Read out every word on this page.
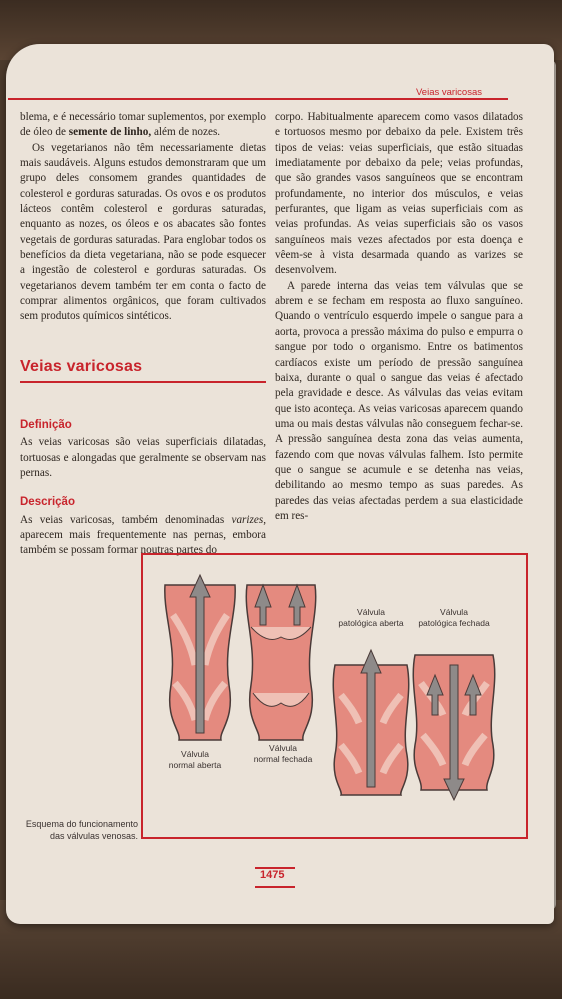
Veias varicosas

blema, e é necessário tomar suplementos, por exemplo de óleo de semente de linho, além de nozes.

Os vegetarianos não têm necessariamente dietas mais saudáveis. Alguns estudos demonstraram que um grupo deles consomem grandes quantidades de colesterol e gorduras saturadas. Os ovos e os produtos lácteos contêm colesterol e gorduras saturadas, enquanto as nozes, os óleos e os abacates são fontes vegetais de gorduras saturadas. Para englobar todos os benefícios da dieta vegetariana, não se pode esquecer a ingestão de colesterol e gorduras saturadas. Os vegetarianos devem também ter em conta o facto de comprar alimentos orgânicos, que foram cultivados sem produtos químicos sintéticos.

Veias varicosas

Definição

As veias varicosas são veias superficiais dilatadas, tortuosas e alongadas que geralmente se observam nas pernas.

Descrição

As veias varicosas, também denominadas varizes, aparecem mais frequentemente nas pernas, embora também se possam formar noutras partes do

corpo. Habitualmente aparecem como vasos dilatados e tortuosos mesmo por debaixo da pele. Existem três tipos de veias: veias superficiais, que estão situadas imediatamente por debaixo da pele; veias profundas, que são grandes vasos sanguíneos que se encontram profundamente, no interior dos músculos, e veias perfurantes, que ligam as veias superficiais com as veias profundas. As veias superficiais são os vasos sanguíneos mais vezes afectados por esta doença e vêem-se à vista desarmada quando as varizes se desenvolvem.

A parede interna das veias tem válvulas que se abrem e se fecham em resposta ao fluxo sanguíneo. Quando o ventrículo esquerdo impele o sangue para a aorta, provoca a pressão máxima do pulso e empurra o sangue por todo o organismo. Entre os batimentos cardíacos existe um período de pressão sanguínea baixa, durante o qual o sangue das veias é afectado pela gravidade e desce. As válvulas das veias evitam que isto aconteça. As veias varicosas aparecem quando uma ou mais destas válvulas não conseguem fechar-se. A pressão sanguínea desta zona das veias aumenta, fazendo com que novas válvulas falhem. Isto permite que o sangue se acumule e se detenha nas veias, debilitando ao mesmo tempo as suas paredes. As paredes das veias afectadas perdem a sua elasticidade em res-

Válvula
normal aberta
Válvula
normal fechada
Válvula
patológica aberta
Válvula
patológica fechada
Esquema do funcionamento das válvulas venosas.
1475
